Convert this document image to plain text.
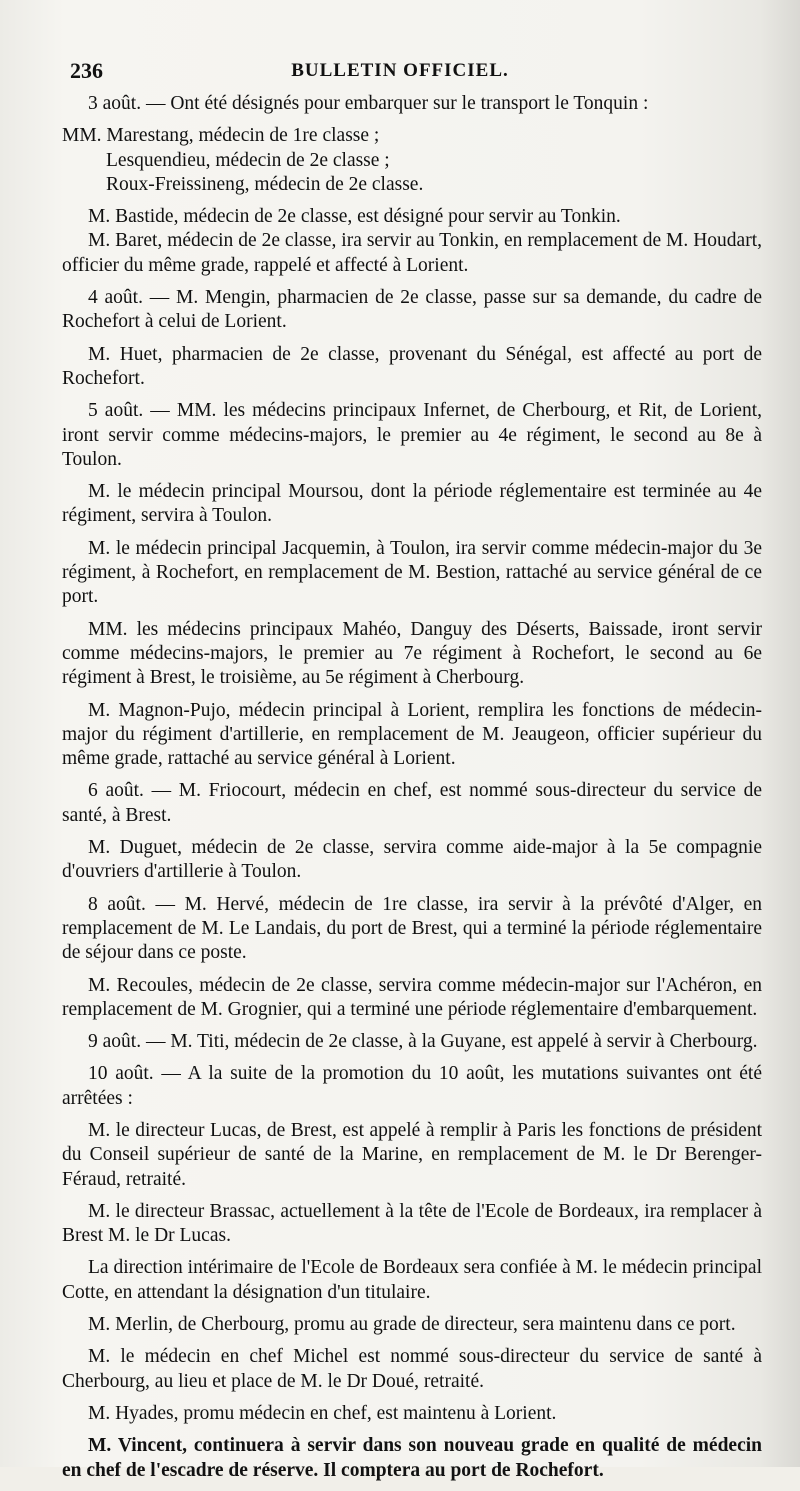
236	BULLETIN OFFICIEL.

3 août. — Ont été désignés pour embarquer sur le transport le Tonquin :

MM. Marestang, médecin de 1re classe ;

Lesquendieu, médecin de 2e classe ;

Roux-Freissineng, médecin de 2e classe.

M. Bastide, médecin de 2e classe, est désigné pour servir au Tonkin.

M. Baret, médecin de 2e classe, ira servir au Tonkin, en remplacement de M. Houdart, officier du même grade, rappelé et affecté à Lorient.

4 août. — M. Mengin, pharmacien de 2e classe, passe sur sa demande, du cadre de Rochefort à celui de Lorient.

M. Huet, pharmacien de 2e classe, provenant du Sénégal, est affecté au port de Rochefort.

5 août. — MM. les médecins principaux Infernet, de Cherbourg, et Rit, de Lorient, iront servir comme médecins-majors, le premier au 4e régiment, le second au 8e à Toulon.

M. le médecin principal Moursou, dont la période réglementaire est terminée au 4e régiment, servira à Toulon.

M. le médecin principal Jacquemin, à Toulon, ira servir comme médecin-major du 3e régiment, à Rochefort, en remplacement de M. Bestion, rattaché au service général de ce port.

MM. les médecins principaux Mahéo, Danguy des Déserts, Baissade, iront servir comme médecins-majors, le premier au 7e régiment à Rochefort, le second au 6e régiment à Brest, le troisième, au 5e régiment à Cherbourg.

M. Magnon-Pujo, médecin principal à Lorient, remplira les fonctions de médecin-major du régiment d'artillerie, en remplacement de M. Jeaugeon, officier supérieur du même grade, rattaché au service général à Lorient.

6 août. — M. Friocourt, médecin en chef, est nommé sous-directeur du service de santé, à Brest.

M. Duguet, médecin de 2e classe, servira comme aide-major à la 5e compagnie d'ouvriers d'artillerie à Toulon.

8 août. — M. Hervé, médecin de 1re classe, ira servir à la prévôté d'Alger, en remplacement de M. Le Landais, du port de Brest, qui a terminé la période réglementaire de séjour dans ce poste.

M. Recoules, médecin de 2e classe, servira comme médecin-major sur l'Achéron, en remplacement de M. Grognier, qui a terminé une période réglementaire d'embarquement.

9 août. — M. Titi, médecin de 2e classe, à la Guyane, est appelé à servir à Cherbourg.

10 août. — A la suite de la promotion du 10 août, les mutations suivantes ont été arrêtées :

M. le directeur Lucas, de Brest, est appelé à remplir à Paris les fonctions de président du Conseil supérieur de santé de la Marine, en remplacement de M. le Dr Berenger-Féraud, retraité.

M. le directeur Brassac, actuellement à la tête de l'Ecole de Bordeaux, ira remplacer à Brest M. le Dr Lucas.

La direction intérimaire de l'Ecole de Bordeaux sera confiée à M. le médecin principal Cotte, en attendant la désignation d'un titulaire.

M. Merlin, de Cherbourg, promu au grade de directeur, sera maintenu dans ce port.

M. le médecin en chef Michel est nommé sous-directeur du service de santé à Cherbourg, au lieu et place de M. le Dr Doué, retraité.

M. Hyades, promu médecin en chef, est maintenu à Lorient.

M. Vincent, continuera à servir dans son nouveau grade en qualité de médecin en chef de l'escadre de réserve. Il comptera au port de Rochefort.
